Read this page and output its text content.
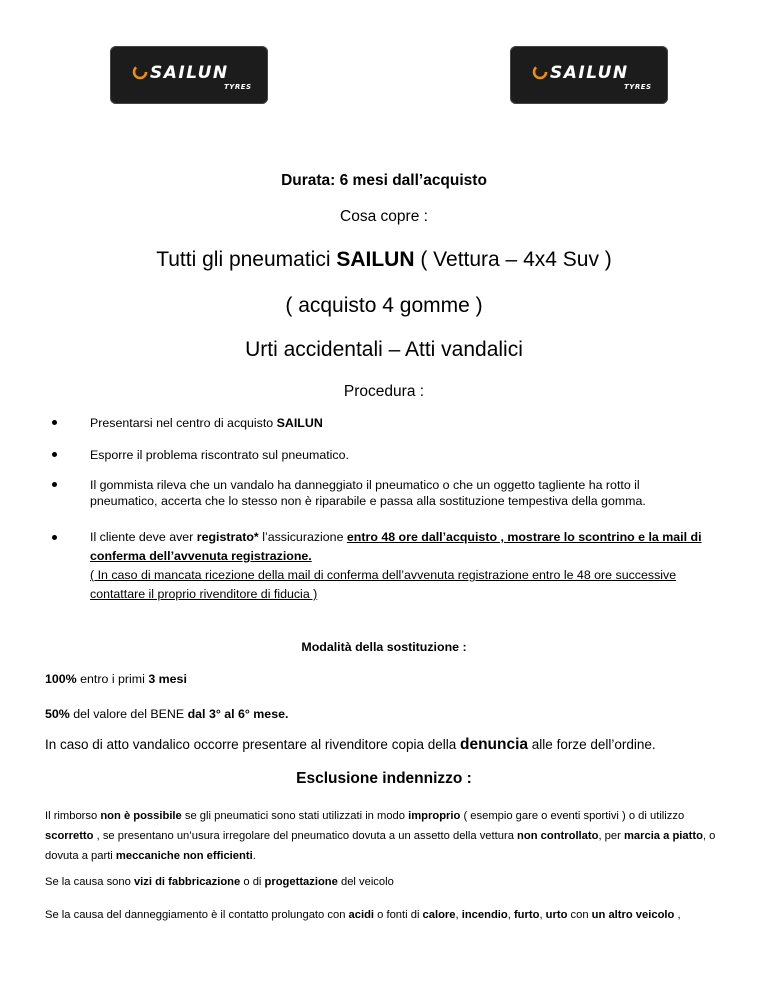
SAILUN
TYRES
SAILUN
TYRES
Durata: 6 mesi dall’acquisto
Cosa copre :
Tutti gli pneumatici SAILUN ( Vettura – 4x4 Suv )
( acquisto 4 gomme )
Urti accidentali – Atti vandalici
Procedura :
Presentarsi nel centro di acquisto SAILUN
Esporre il problema riscontrato sul pneumatico.
Il gommista rileva che un vandalo ha danneggiato il pneumatico o che un oggetto tagliente ha rotto il pneumatico, accerta che lo stesso non è riparabile e passa alla sostituzione tempestiva della gomma.
Il cliente deve aver registrato* l’assicurazione entro 48 ore dall’acquisto , mostrare lo scontrino e la mail di conferma dell’avvenuta registrazione.
( In caso di mancata ricezione della mail di conferma dell’avvenuta registrazione entro le 48 ore successive contattare il proprio rivenditore di fiducia )
Modalità della sostituzione :
100% entro i primi 3 mesi
50% del valore del BENE dal 3° al 6° mese.
In caso di atto vandalico occorre presentare al rivenditore copia della denuncia alle forze dell’ordine.
Esclusione indennizzo :
Il rimborso non è possibile se gli pneumatici sono stati utilizzati in modo improprio ( esempio gare o eventi sportivi ) o di utilizzo scorretto , se presentano un’usura irregolare del pneumatico dovuta a un assetto della vettura non controllato, per marcia a piatto, o dovuta a parti meccaniche non efficienti.
Se la causa sono vizi di fabbricazione o di progettazione del veicolo
Se la causa del danneggiamento è il contatto prolungato con acidi o fonti di calore, incendio, furto, urto con un altro veicolo ,
